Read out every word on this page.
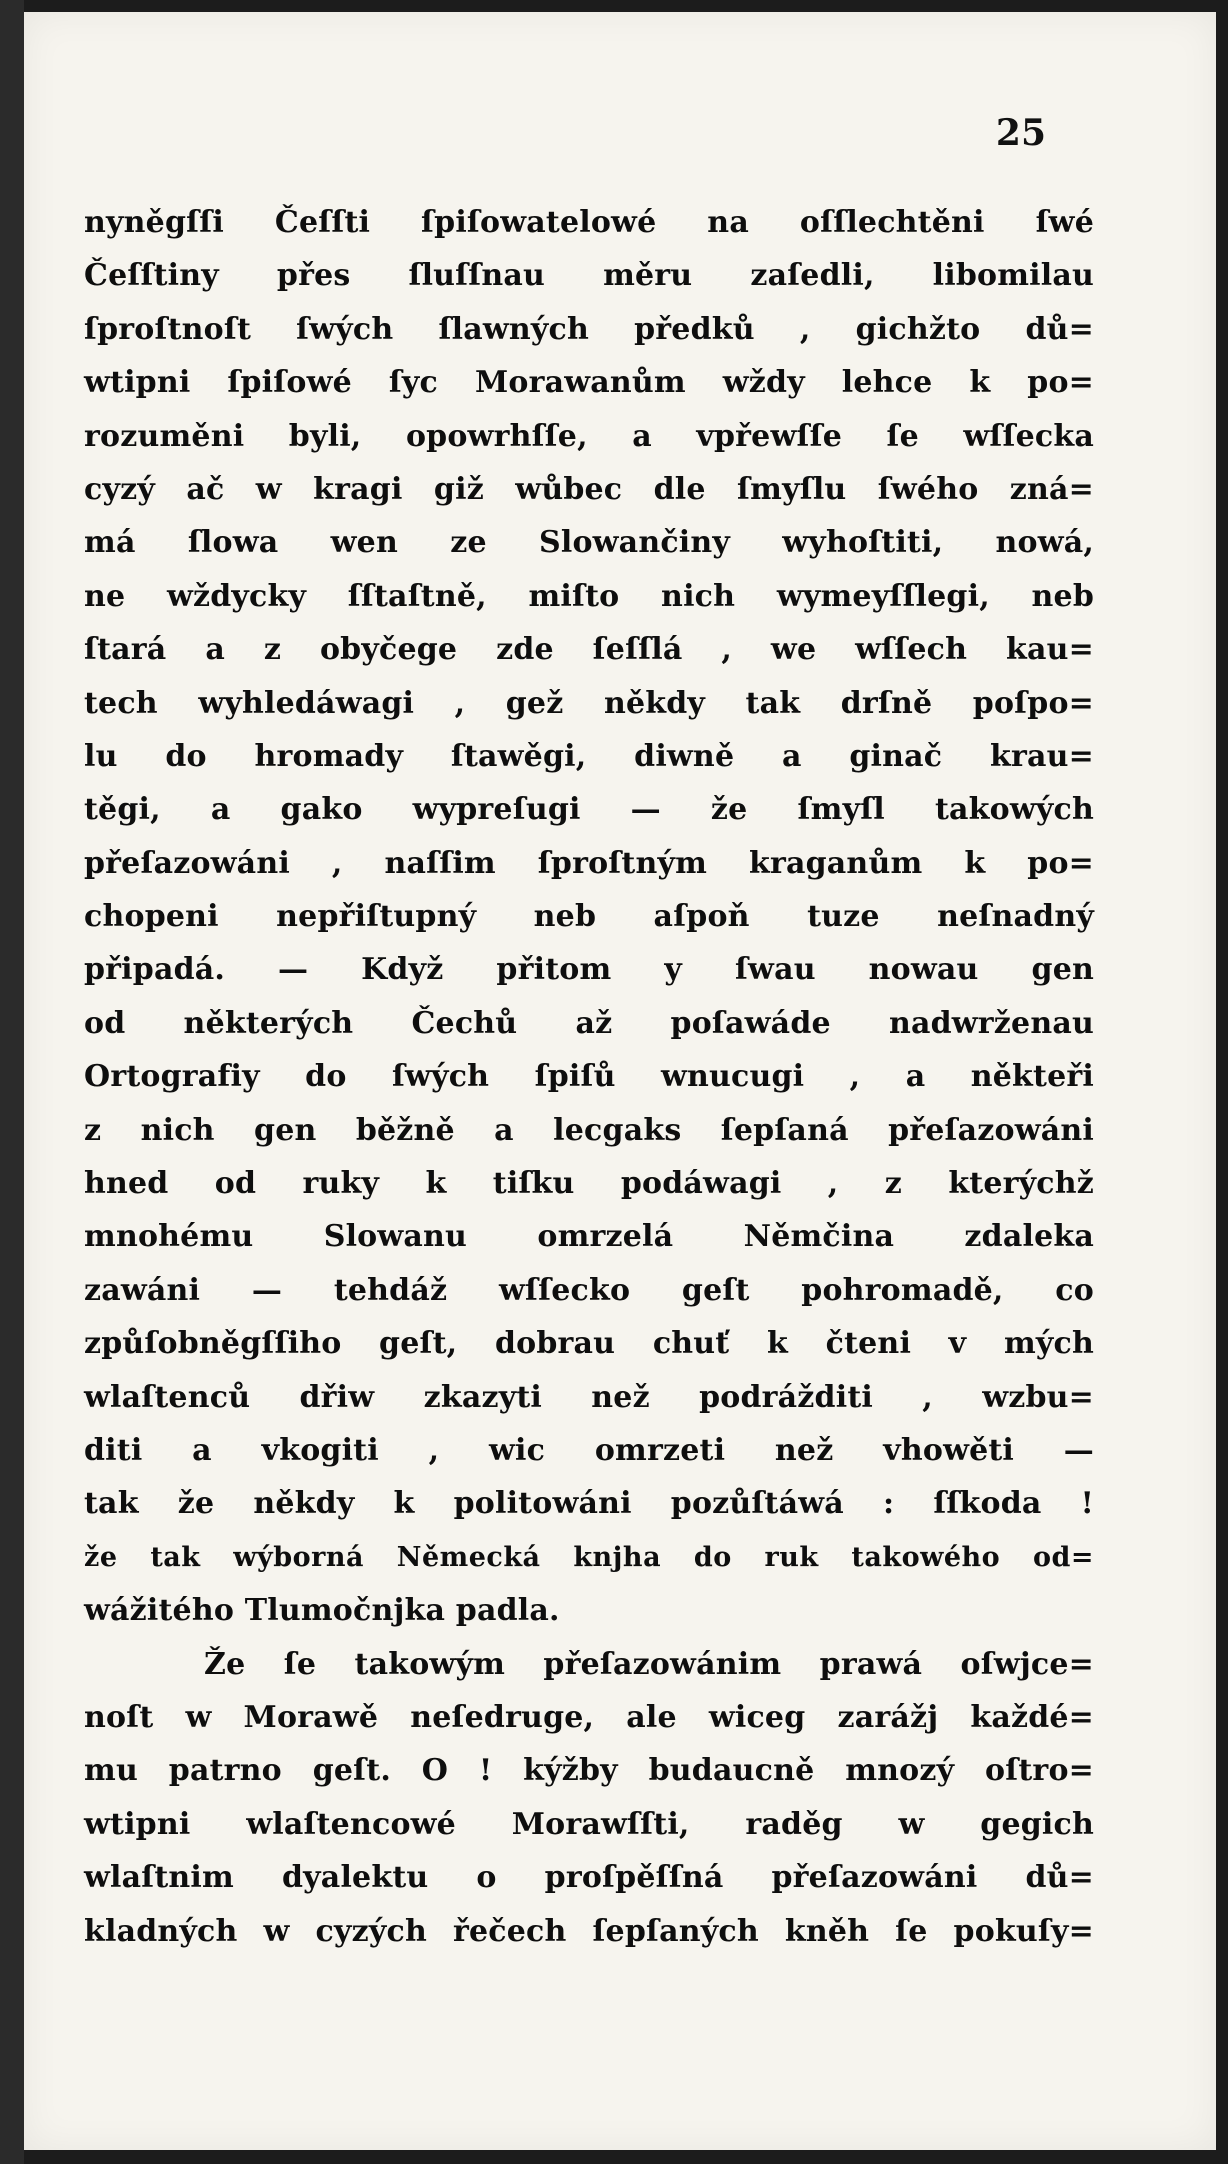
25
nyněgſſi Čeſſti ſpiſowatelowé na oſſlechtěni ſwé
Čeſſtiny přes ſluſſnau měru zaſedli, libomilau
ſproſtnoſt ſwých ſlawných předků , gichžto dů=
wtipni ſpiſowé ſyc Morawanům wždy lehce k po=
rozuměni byli, opowrhſſe, a vpřewſſe ſe wſſecka
cyzý ač w kragi giž wůbec dle ſmyſlu ſwého zná=
má ſlowa wen ze Slowančiny wyhoſtiti, nowá,
ne wždycky ſſtaſtně, miſto nich wymeyſſlegi, neb
ſtará a z obyčege zde ſeſſlá , we wſſech kau=
tech wyhledáwagi , gež někdy tak drſně poſpo=
lu do hromady ſtawěgi, diwně a ginač krau=
těgi, a gako wypreſugi — že ſmyſl takowých
přeſazowáni , naſſim ſproſtným kraganům k po=
chopeni nepřiſtupný neb aſpoň tuze neſnadný
připadá. — Když přitom y ſwau nowau gen
od některých Čechů až poſawáde nadwrženau
Ortografiy do ſwých ſpiſů wnucugi , a někteři
z nich gen běžně a lecgaks ſepſaná přeſazowáni
hned od ruky k tiſku podáwagi , z kterýchž
mnohému Slowanu omrzelá Němčina zdaleka
zawáni — tehdáž wſſecko geſt pohromadě, co
způſobněgſſiho geſt, dobrau chuť k čteni v mých
wlaſtenců dřiw zkazyti než podrážditi , wzbu=
diti a vkogiti , wic omrzeti než vhowěti —
tak že někdy k politowáni pozůſtáwá : ſſkoda !
že tak wýborná Německá knjha do ruk takowého od=
wážitého Tlumočnjka padla.
Že ſe takowým přeſazowánim prawá oſwjce=
noſt w Morawě neſedruge, ale wiceg zarážj každé=
mu patrno geſt. O ! kýžby budaucně mnozý oſtro=
wtipni wlaſtencowé Morawſſti, raděg w gegich
wlaſtnim dyalektu o proſpěſſná přeſazowáni dů=
kladných w cyzých řečech ſepſaných kněh ſe pokuſy=
